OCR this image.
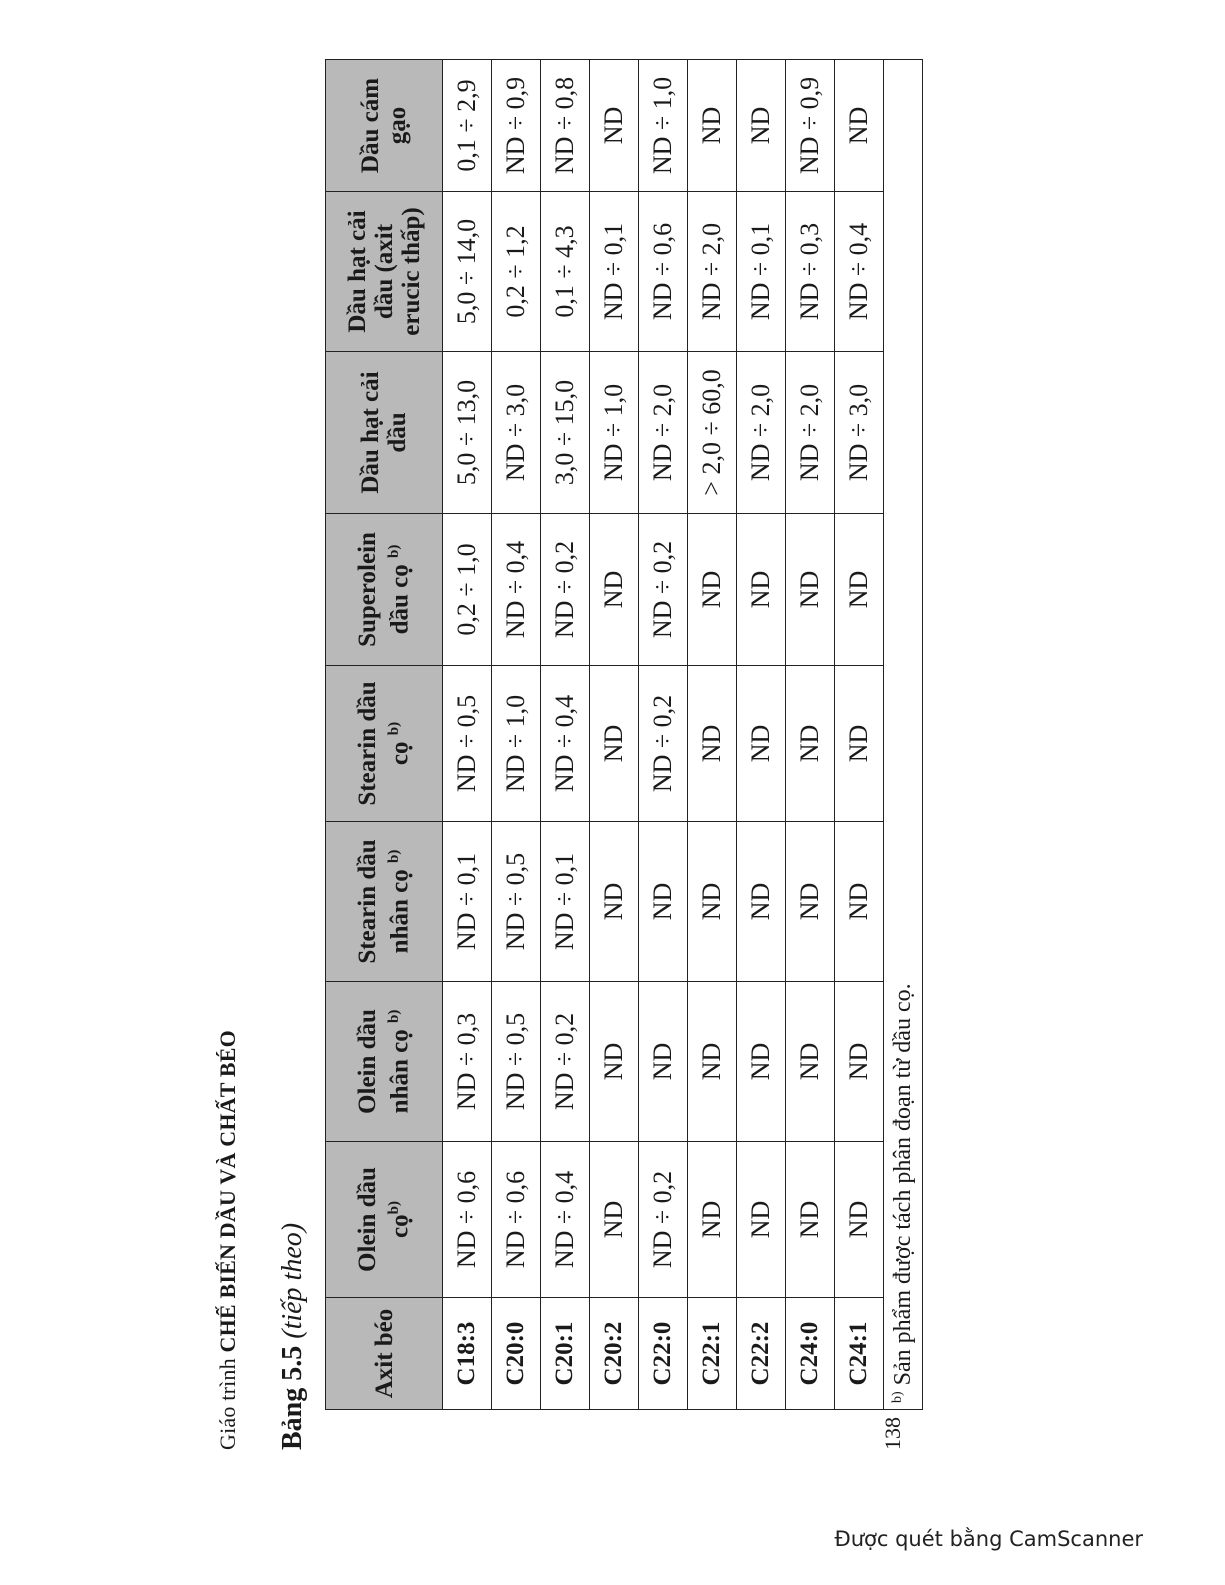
Giáo trình CHẾ BIẾN DẦU VÀ CHẤT BÉO
Bảng 5.5 (tiếp theo)
Axit béo	Olein dầu cọ$^{b)}$	Olein dầu nhân cọ $^{b)}$	Stearin dầu nhân cọ $^{b)}$	Stearin dầu cọ $^{b)}$	Superolein dầu cọ $^{b)}$	Dầu hạt cải dầu	Dầu hạt cải dầu (axit erucic thấp)	Dầu cám gạo
C18:3	ND ÷ 0,6	ND ÷ 0,3	ND ÷ 0,1	ND ÷ 0,5	0,2 ÷ 1,0	5,0 ÷ 13,0	5,0 ÷ 14,0	0,1 ÷ 2,9
C20:0	ND ÷ 0,6	ND ÷ 0,5	ND ÷ 0,5	ND ÷ 1,0	ND ÷ 0,4	ND ÷ 3,0	0,2 ÷ 1,2	ND ÷ 0,9
C20:1	ND ÷ 0,4	ND ÷ 0,2	ND ÷ 0,1	ND ÷ 0,4	ND ÷ 0,2	3,0 ÷ 15,0	0,1 ÷ 4,3	ND ÷ 0,8
C20:2	ND	ND	ND	ND	ND	ND ÷ 1,0	ND ÷ 0,1	ND
C22:0	ND ÷ 0,2	ND	ND	ND ÷ 0,2	ND ÷ 0,2	ND ÷ 2,0	ND ÷ 0,6	ND ÷ 1,0
C22:1	ND	ND	ND	ND	ND	> 2,0 ÷ 60,0	ND ÷ 2,0	ND
C22:2	ND	ND	ND	ND	ND	ND ÷ 2,0	ND ÷ 0,1	ND
C24:0	ND	ND	ND	ND	ND	ND ÷ 2,0	ND ÷ 0,3	ND ÷ 0,9
C24:1	ND	ND	ND	ND	ND	ND ÷ 3,0	ND ÷ 0,4	ND
$^{b)}$ Sản phẩm được tách phân đoạn từ dầu cọ.								
138
Được quét bằng CamScanner
